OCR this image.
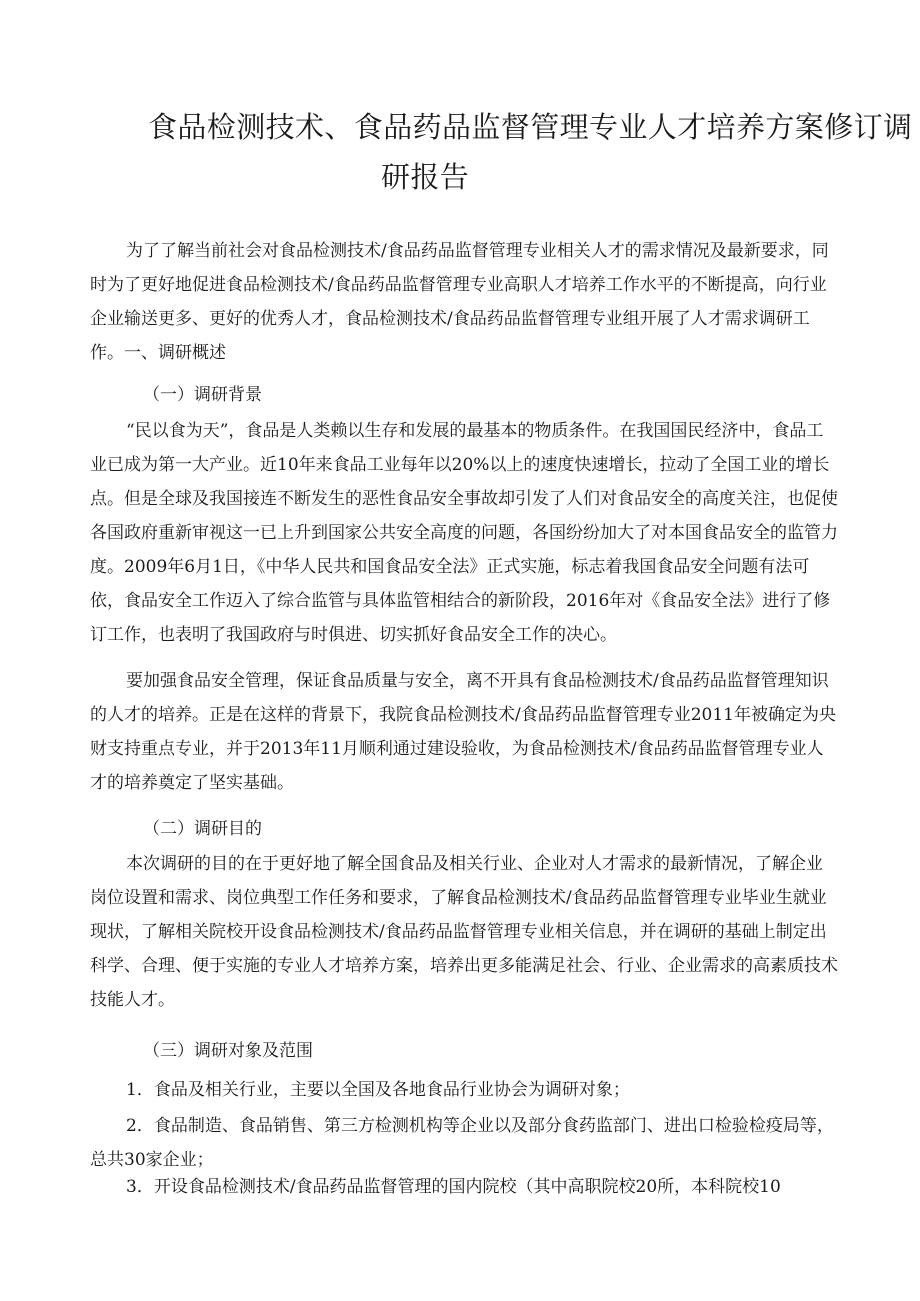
食品检测技术、食品药品监督管理专业人才培养方案修订调
研报告

为了了解当前社会对食品检测技术/食品药品监督管理专业相关人才的需求情况及最新要求，同时为了更好地促进食品检测技术/食品药品监督管理专业高职人才培养工作水平的不断提高，向行业企业输送更多、更好的优秀人才，食品检测技术/食品药品监督管理专业组开展了人才需求调研工作。 一、调研概述

（一）调研背景

“民以食为天”，食品是人类赖以生存和发展的最基本的物质条件。在我国国民经济中，食品工业已成为第一大产业。近10年来食品工业每年以20%以上的速度快速增长，拉动了全国工业的增长点。但是全球及我国接连不断发生的恶性食品安全事故却引发了人们对食品安全的高度关注，也促使各国政府重新审视这一已上升到国家公共安全高度的问题，各国纷纷加大了对本国食品安全的监管力度。2009年6月1日，《中华人民共和国食品安全法》正式实施，标志着我国食品安全问题有法可依，食品安全工作迈入了综合监管与具体监管相结合的新阶段，2016年对《食品安全法》进行了修订工作，也表明了我国政府与时俱进、切实抓好食品安全工作的决心。

要加强食品安全管理，保证食品质量与安全，离不开具有食品检测技术/食品药品监督管理知识的人才的培养。正是在这样的背景下，我院食品检测技术/食品药品监督管理专业2011年被确定为央财支持重点专业，并于2013年11月顺利通过建设验收，为食品检测技术/食品药品监督管理专业人才的培养奠定了坚实基础。

（二）调研目的

本次调研的目的在于更好地了解全国食品及相关行业、企业对人才需求的最新情况，了解企业岗位设置和需求、岗位典型工作任务和要求，了解食品检测技术/食品药品监督管理专业毕业生就业现状，了解相关院校开设食品检测技术/食品药品监督管理专业相关信息，并在调研的基础上制定出科学、合理、便于实施的专业人才培养方案，培养出更多能满足社会、行业、企业需求的高素质技术技能人才。

（三）调研对象及范围

1．食品及相关行业，主要以全国及各地食品行业协会为调研对象；

2．食品制造、食品销售、第三方检测机构等企业以及部分食药监部门、进出口检验检疫局等，总共30家企业；

3．开设食品检测技术/食品药品监督管理的国内院校（其中高职院校20所，本科院校10
